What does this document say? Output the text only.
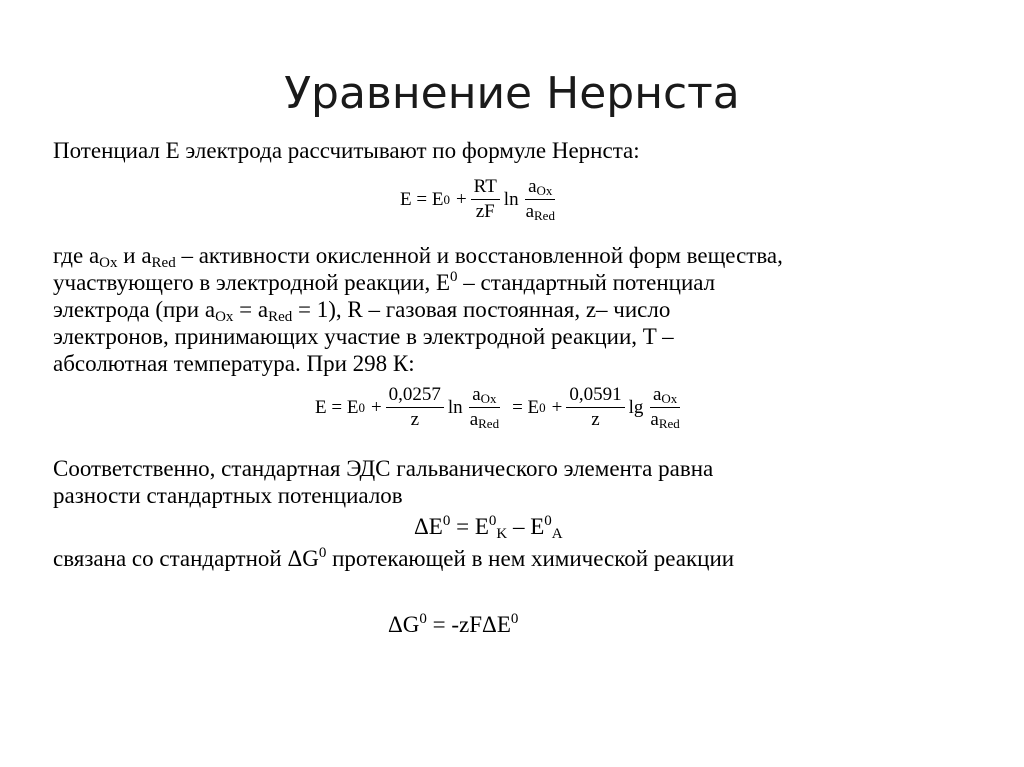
Уравнение Нернста
Потенциал Е электрода рассчитывают по формуле Нернста:
E = E $0 + \frac{RT}{zF}$ $\ln \frac{a_{Ox}}{a_{Red}}$
где $a_{Ox}$ и $a_{Red}$ – активности окисленной и восстановленной форм вещества,
участвующего в электродной реакции, $E^0$ – стандартный потенциал
электрода (при $a_{Ox} = a_{Red} = 1$), R – газовая постоянная, z– число
электронов, принимающих участие в электродной реакции, T –
абсолютная температура. При 298 К:
E = E $0 + \frac{0,0257}{z}$ $\ln \frac{a_{Ox}}{a_{Red}} = E$ $0 + \frac{0,0591}{z}$ $\lg \frac{a_{Ox}}{a_{Red}}$
Соответственно, стандартная ЭДС гальванического элемента равна
разности стандартных потенциалов
$\Delta E^0 = E^0_K - E^0_A$
связана со стандартной $\Delta G^0$ протекающей в нем химической реакции
$\Delta G^0 = -zF\Delta E^0$
